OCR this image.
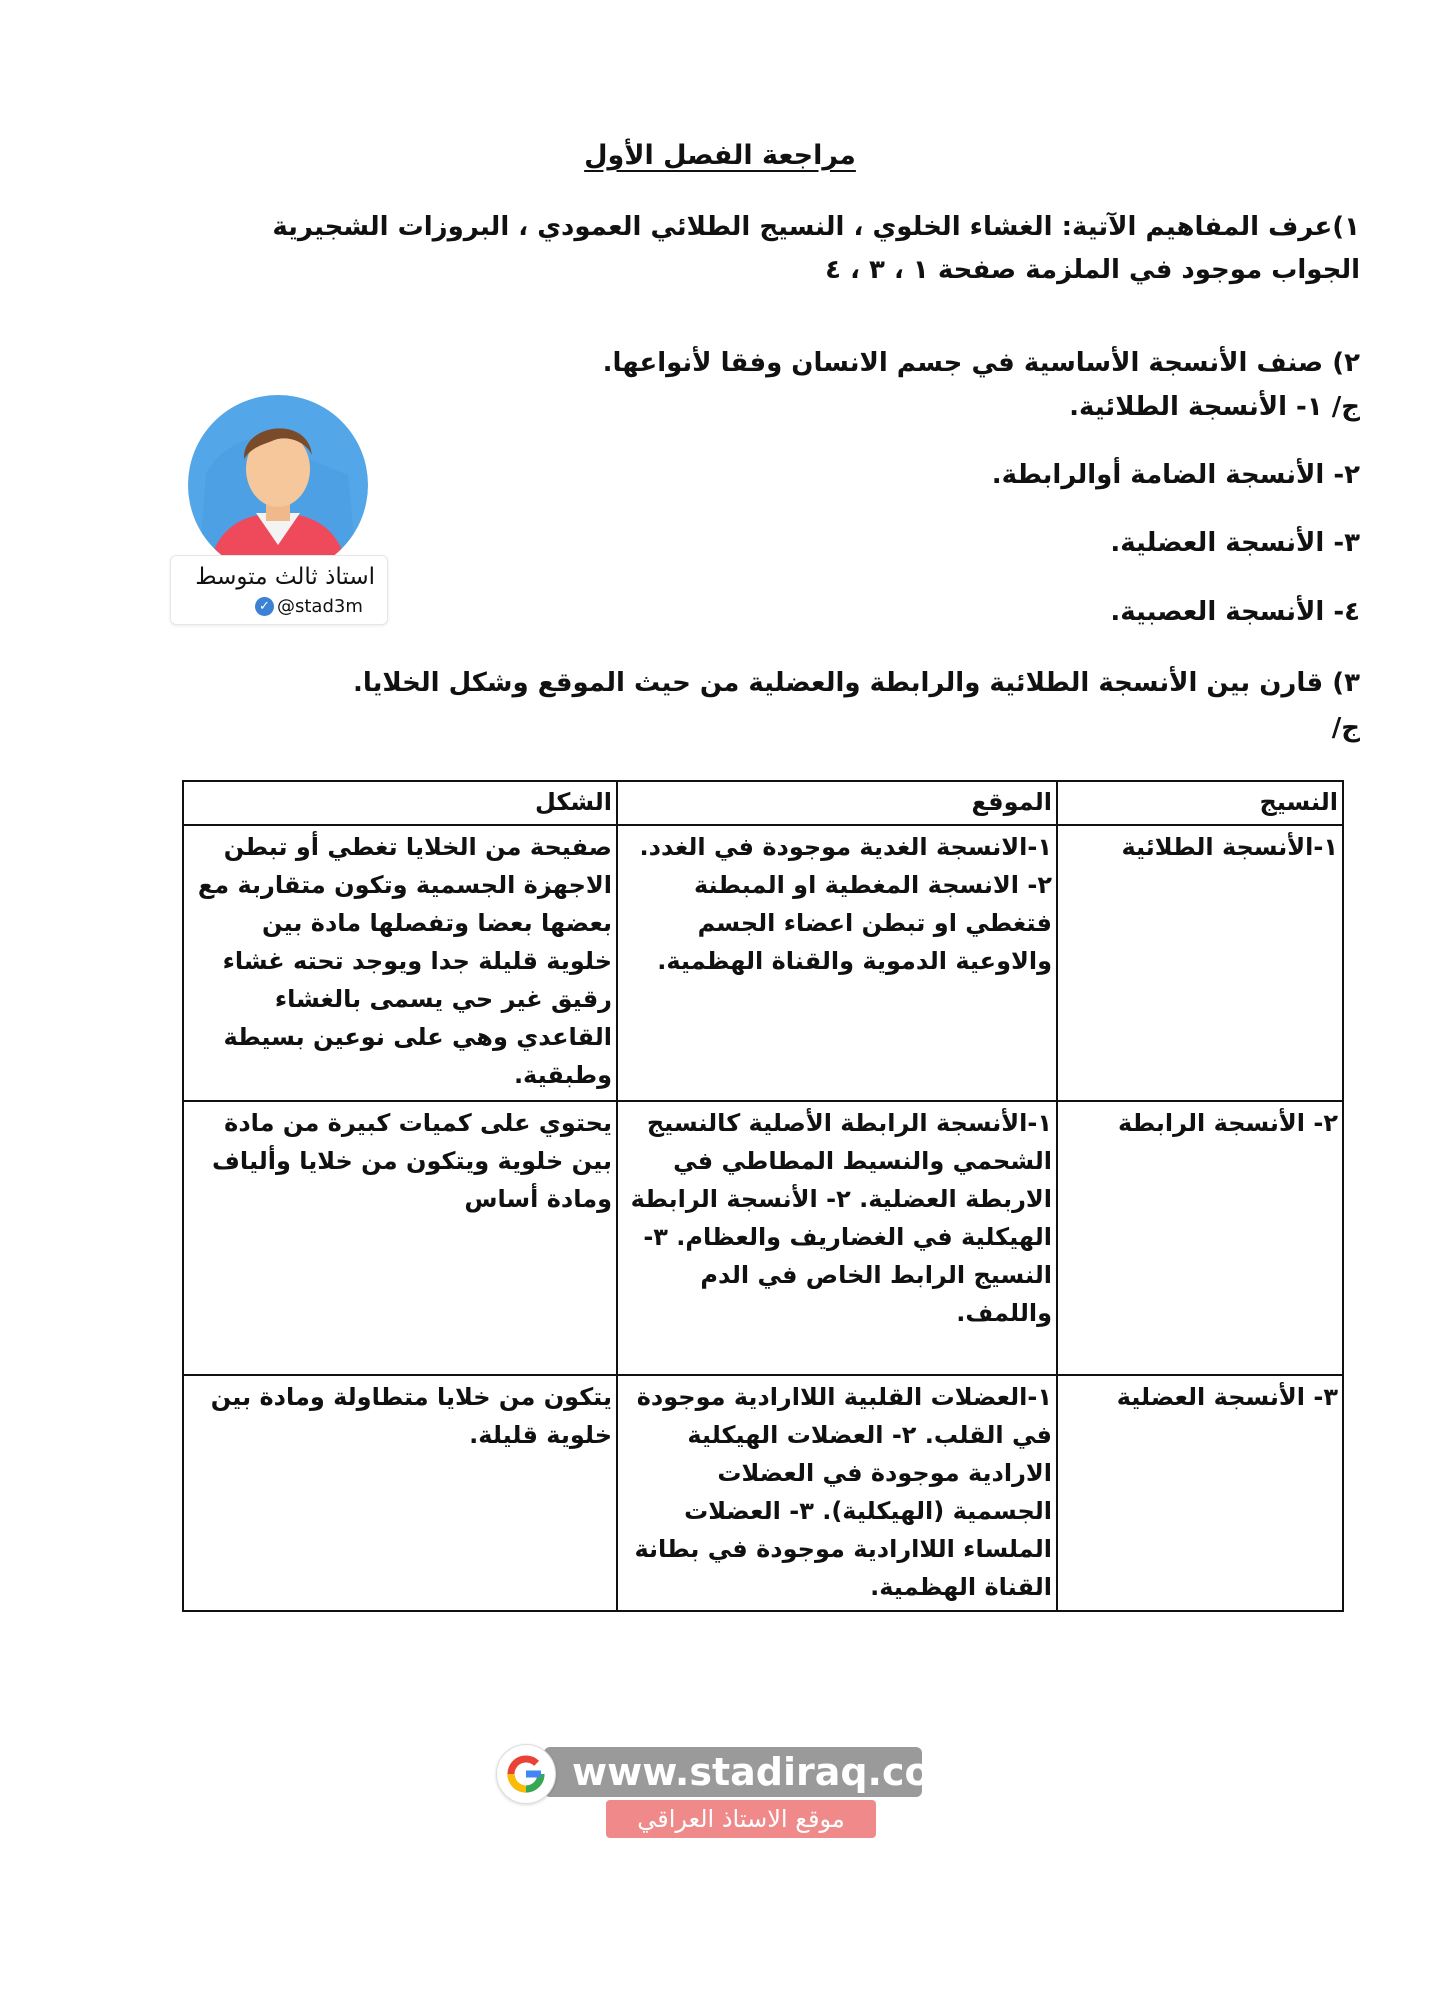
مراجعة الفصل الأول
١)عرف المفاهيم الآتية: الغشاء الخلوي ، النسيج الطلائي العمودي ، البروزات الشجيرية
الجواب موجود في الملزمة صفحة ١ ، ٣ ، ٤
٢) صنف الأنسجة الأساسية في جسم الانسان وفقا لأنواعها.
ج/ ١- الأنسجة الطلائية.
٢- الأنسجة الضامة أوالرابطة.
٣- الأنسجة العضلية.
٤- الأنسجة العصبية.
٣) قارن بين الأنسجة الطلائية والرابطة والعضلية من حيث الموقع وشكل الخلايا.
ج/
استاذ ثالث متوسط
✓ @stad3m
النسيج	الموقع	الشكل
١-الأنسجة الطلائية	١-الانسجة الغدية موجودة في الغدد. ٢- الانسجة المغطية او المبطنة فتغطي او تبطن اعضاء الجسم والاوعية الدموية والقناة الهظمية.	صفيحة من الخلايا تغطي أو تبطن الاجهزة الجسمية وتكون متقاربة مع بعضها بعضا وتفصلها مادة بين خلوية قليلة جدا ويوجد تحته غشاء رقيق غير حي يسمى بالغشاء القاعدي وهي على نوعين بسيطة وطبقية.
٢- الأنسجة الرابطة	١-الأنسجة الرابطة الأصلية كالنسيج الشحمي والنسيط المطاطي في الاربطة العضلية. ٢- الأنسجة الرابطة الهيكلية في الغضاريف والعظام. ٣- النسيج الرابط الخاص في الدم واللمف.	يحتوي على كميات كبيرة من مادة بين خلوية ويتكون من خلايا وألياف ومادة أساس
٣- الأنسجة العضلية	١-العضلات القلبية اللاارادية موجودة في القلب. ٢- العضلات الهيكلية الارادية موجودة في العضلات الجسمية (الهيكلية). ٣- العضلات الملساء اللاارادية موجودة في بطانة القناة الهظمية.	يتكون من خلايا متطاولة ومادة بين خلوية قليلة.
www.stadiraq.com
موقع الاستاذ العراقي
